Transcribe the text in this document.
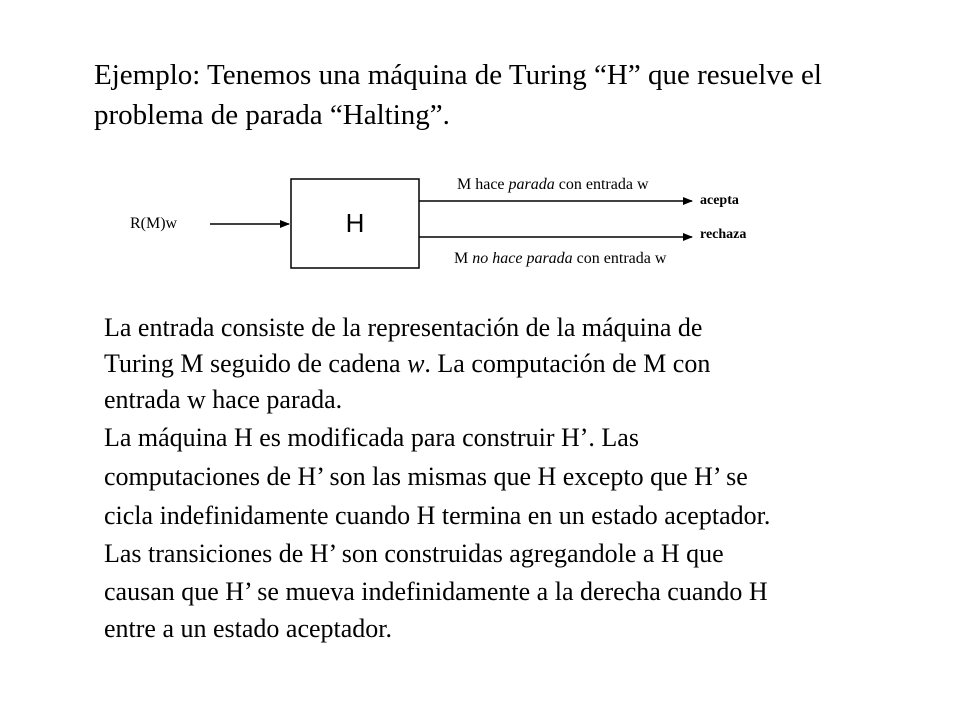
Ejemplo: Tenemos una máquina de Turing “H” que resuelve el
problema de parada “Halting”.
R(M)w	H
M hace parada con entrada w
M no hace parada con entrada w
acepta
rechaza
La entrada consiste de la representación de la máquina de
Turing M seguido de cadena w. La computación de M con
entrada w hace parada.
La máquina H es modificada para construir H’. Las
computaciones de H’ son las mismas que H excepto que H’ se
cicla indefinidamente cuando H termina en un estado aceptador.
Las transiciones de H’ son construidas agregandole a H que
causan que H’ se mueva indefinidamente a la derecha cuando H
entre a un estado aceptador.
